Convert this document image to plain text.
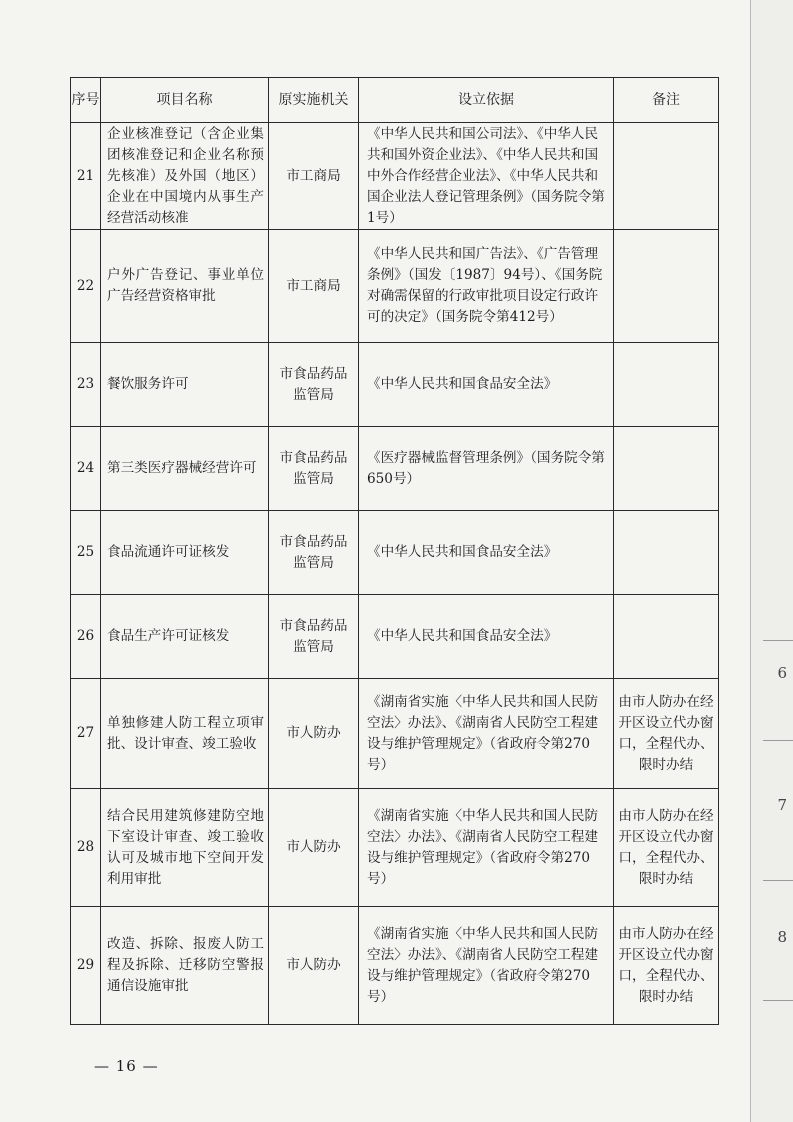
6
7
8
序号	项目名称	原实施机关	设立依据	备注
21	企业核准登记（含企业集团核准登记和企业名称预先核准）及外国（地区）企业在中国境内从事生产经营活动核准	市工商局	《中华人民共和国公司法》、《中华人民共和国外资企业法》、《中华人民共和国中外合作经营企业法》、《中华人民共和国企业法人登记管理条例》（国务院令第1号）	
22	户外广告登记、事业单位广告经营资格审批	市工商局	《中华人民共和国广告法》、《广告管理条例》（国发〔1987〕94号）、《国务院对确需保留的行政审批项目设定行政许可的决定》（国务院令第412号）	
23	餐饮服务许可	市食品药品监管局	《中华人民共和国食品安全法》	
24	第三类医疗器械经营许可	市食品药品监管局	《医疗器械监督管理条例》（国务院令第650号）	
25	食品流通许可证核发	市食品药品监管局	《中华人民共和国食品安全法》	
26	食品生产许可证核发	市食品药品监管局	《中华人民共和国食品安全法》	
27	单独修建人防工程立项审批、设计审查、竣工验收	市人防办	《湖南省实施〈中华人民共和国人民防空法〉办法》、《湖南省人民防空工程建设与维护管理规定》（省政府令第270号）	由市人防办在经开区设立代办窗口，全程代办、限时办结
28	结合民用建筑修建防空地下室设计审查、竣工验收认可及城市地下空间开发利用审批	市人防办	《湖南省实施〈中华人民共和国人民防空法〉办法》、《湖南省人民防空工程建设与维护管理规定》（省政府令第270号）	由市人防办在经开区设立代办窗口，全程代办、限时办结
29	改造、拆除、报废人防工程及拆除、迁移防空警报通信设施审批	市人防办	《湖南省实施〈中华人民共和国人民防空法〉办法》、《湖南省人民防空工程建设与维护管理规定》（省政府令第270号）	由市人防办在经开区设立代办窗口，全程代办、限时办结
— 16 —
